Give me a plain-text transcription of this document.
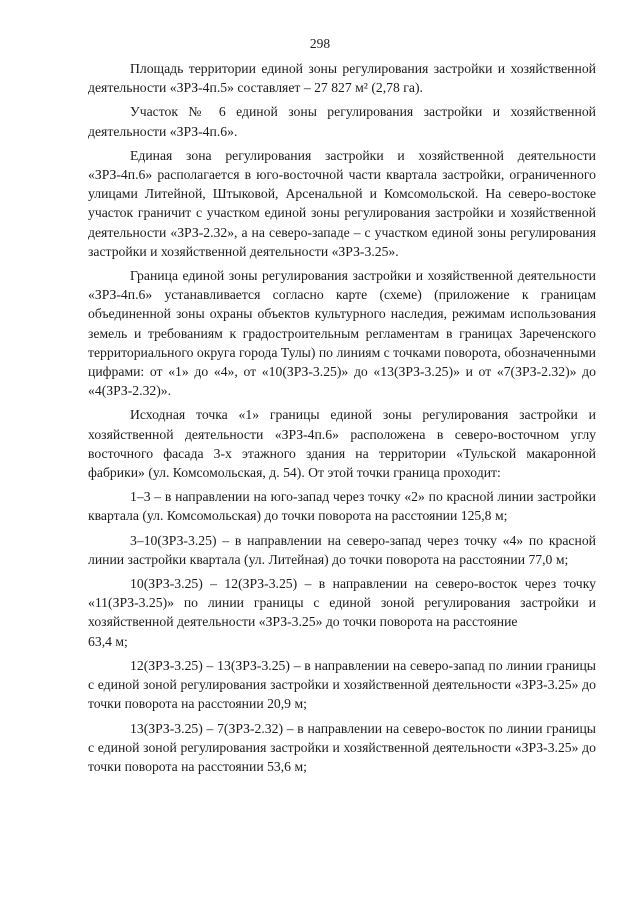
298

Площадь территории единой зоны регулирования застройки и хозяйственной деятельности «ЗРЗ-4п.5» составляет – 27 827 м² (2,78 га).

Участок № 6 единой зоны регулирования застройки и хозяйственной деятельности «ЗРЗ-4п.6».

Единая зона регулирования застройки и хозяйственной деятельности «ЗРЗ-4п.6» располагается в юго-восточной части квартала застройки, ограниченного улицами Литейной, Штыковой, Арсенальной и Комсомольской. На северо-востоке участок граничит с участком единой зоны регулирования застройки и хозяйственной деятельности «ЗРЗ-2.32», а на северо-западе – с участком единой зоны регулирования застройки и хозяйственной деятельности «ЗРЗ-3.25».

Граница единой зоны регулирования застройки и хозяйственной деятельности «ЗРЗ-4п.6» устанавливается согласно карте (схеме) (приложение к границам объединенной зоны охраны объектов культурного наследия, режимам использования земель и требованиям к градостроительным регламентам в границах Зареченского территориального округа города Тулы) по линиям с точками поворота, обозначенными цифрами: от «1» до «4», от «10(ЗРЗ-3.25)» до «13(ЗРЗ-3.25)» и от «7(ЗРЗ-2.32)» до «4(ЗРЗ-2.32)».

Исходная точка «1» границы единой зоны регулирования застройки и хозяйственной деятельности «ЗРЗ-4п.6» расположена в северо-восточном углу восточного фасада 3-х этажного здания на территории «Тульской макаронной фабрики» (ул. Комсомольская, д. 54). От этой точки граница проходит:

1–3 – в направлении на юго-запад через точку «2» по красной линии застройки квартала (ул. Комсомольская) до точки поворота на расстоянии 125,8 м;

3–10(ЗРЗ-3.25) – в направлении на северо-запад через точку «4» по красной линии застройки квартала (ул. Литейная) до точки поворота на расстоянии 77,0 м;

10(ЗРЗ-3.25) – 12(ЗРЗ-3.25) – в направлении на северо-восток через точку «11(ЗРЗ-3.25)» по линии границы с единой зоной регулирования застройки и хозяйственной деятельности «ЗРЗ-3.25» до точки поворота на расстояние

63,4 м;

12(ЗРЗ-3.25) – 13(ЗРЗ-3.25) – в направлении на северо-запад по линии границы с единой зоной регулирования застройки и хозяйственной деятельности «ЗРЗ-3.25» до точки поворота на расстоянии 20,9 м;

13(ЗРЗ-3.25) – 7(ЗРЗ-2.32) – в направлении на северо-восток по линии границы с единой зоной регулирования застройки и хозяйственной деятельности «ЗРЗ-3.25» до точки поворота на расстоянии 53,6 м;
